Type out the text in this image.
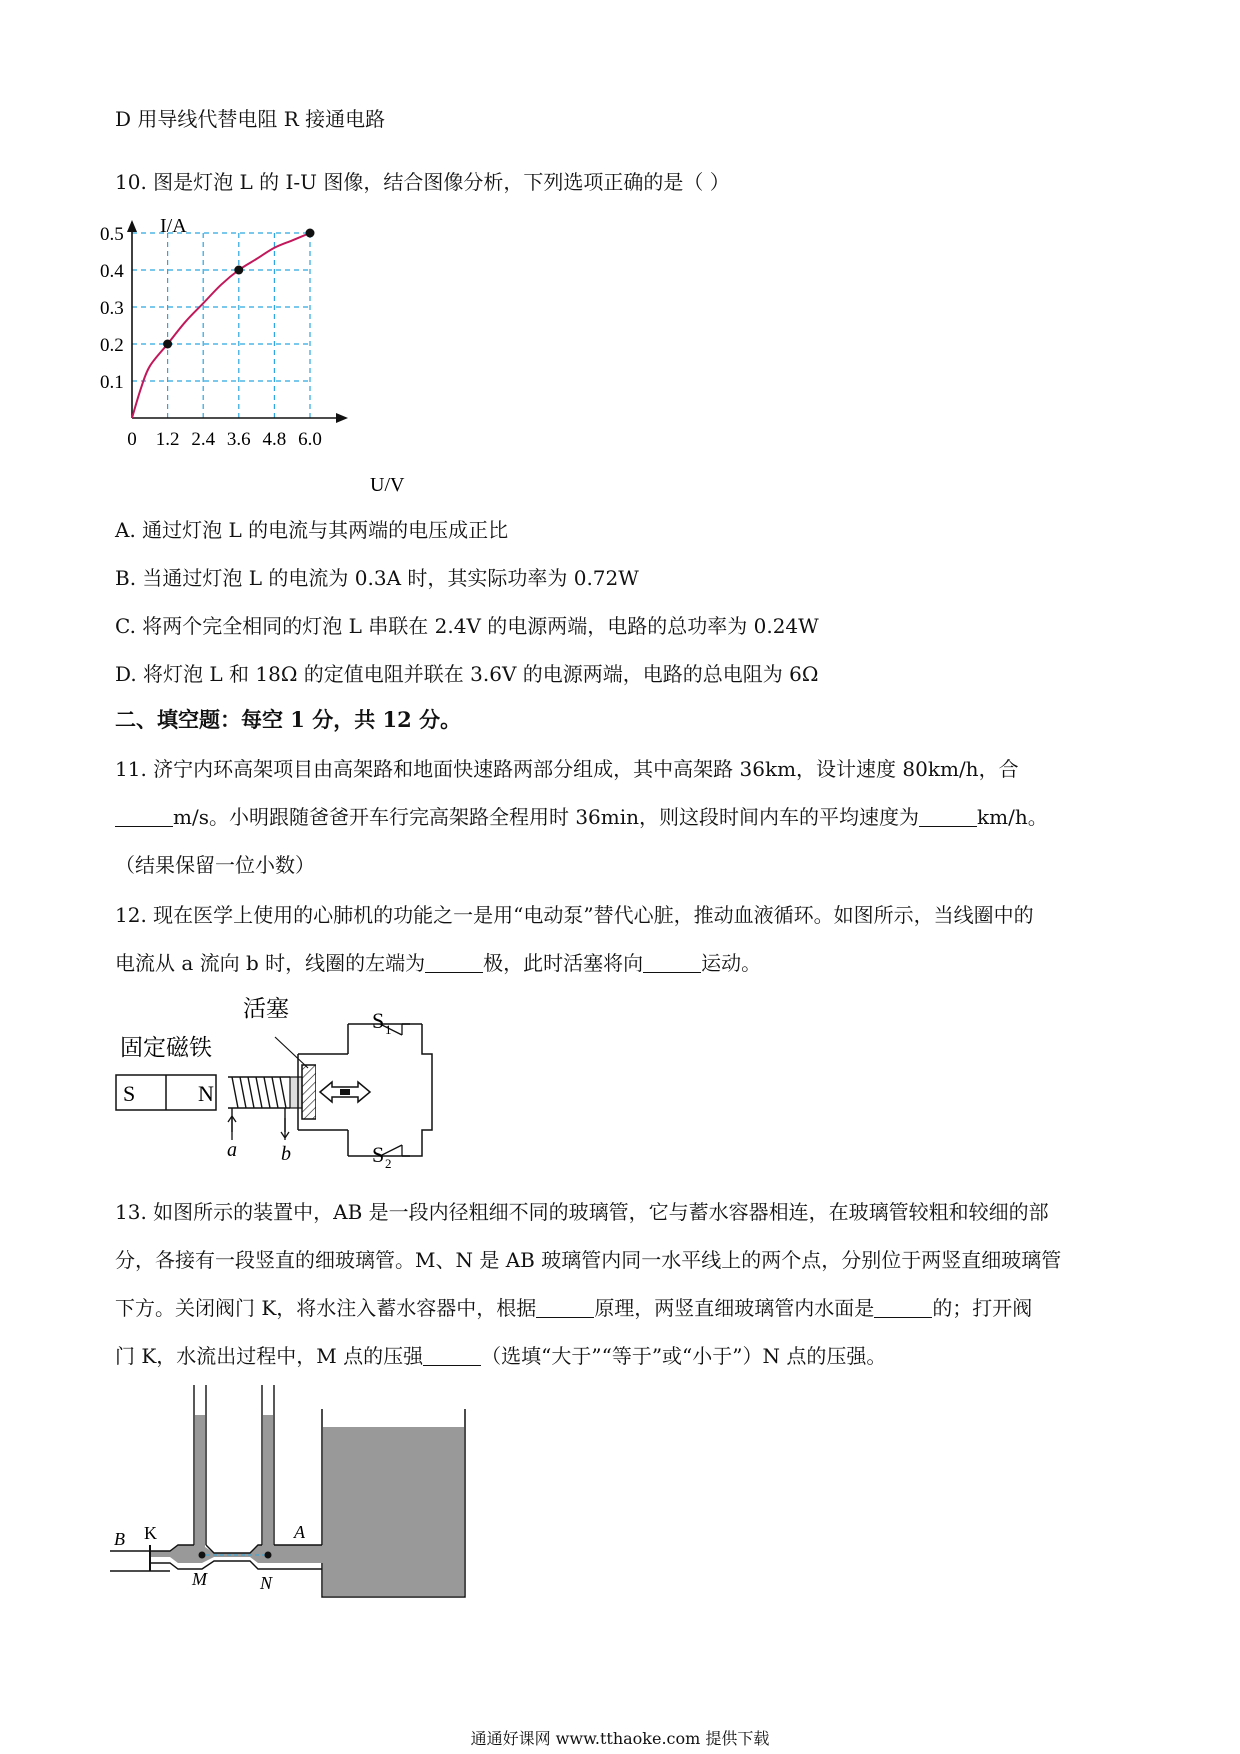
D 用导线代替电阻 R 接通电路
10. 图是灯泡 L 的 I-U 图像，结合图像分析，下列选项正确的是（ ）
I/A
U/V
0 1.2 2.4 3.6 4.8 6.0
0.1
0.2
0.3
0.4
0.5
A. 通过灯泡 L 的电流与其两端的电压成正比
B. 当通过灯泡 L 的电流为 0.3A 时，其实际功率为 0.72W
C. 将两个完全相同的灯泡 L 串联在 2.4V 的电源两端，电路的总功率为 0.24W
D. 将灯泡 L 和 18Ω 的定值电阻并联在 3.6V 的电源两端，电路的总电阻为 6Ω
二、填空题：每空 1 分，共 12 分。
11. 济宁内环高架项目由高架路和地面快速路两部分组成，其中高架路 36km，设计速度 80km/h，合
m/s。小明跟随爸爸开车行完高架路全程用时 36min，则这段时间内车的平均速度为	km/h。
（结果保留一位小数）
12. 现在医学上使用的心肺机的功能之一是用“电动泵”替代心脏，推动血液循环。如图所示，当线圈中的
电流从 a 流向 b 时，线圈的左端为	极，此时活塞将向	运动。
活塞
固定磁铁
S	N
a b
S 1
S 2
13. 如图所示的装置中，AB 是一段内径粗细不同的玻璃管，它与蓄水容器相连，在玻璃管较粗和较细的部
分，各接有一段竖直的细玻璃管。M、N 是 AB 玻璃管内同一水平线上的两个点，分别位于两竖直细玻璃管
下方。关闭阀门 K，将水注入蓄水容器中，根据	原理，两竖直细玻璃管内水面是	的；打开阀
门 K，水流出过程中，M 点的压强	（选填“大于”“等于”或“小于”）N 点的压强。
B K	A
M	N
通通好课网 www.tthaoke.com 提供下载
